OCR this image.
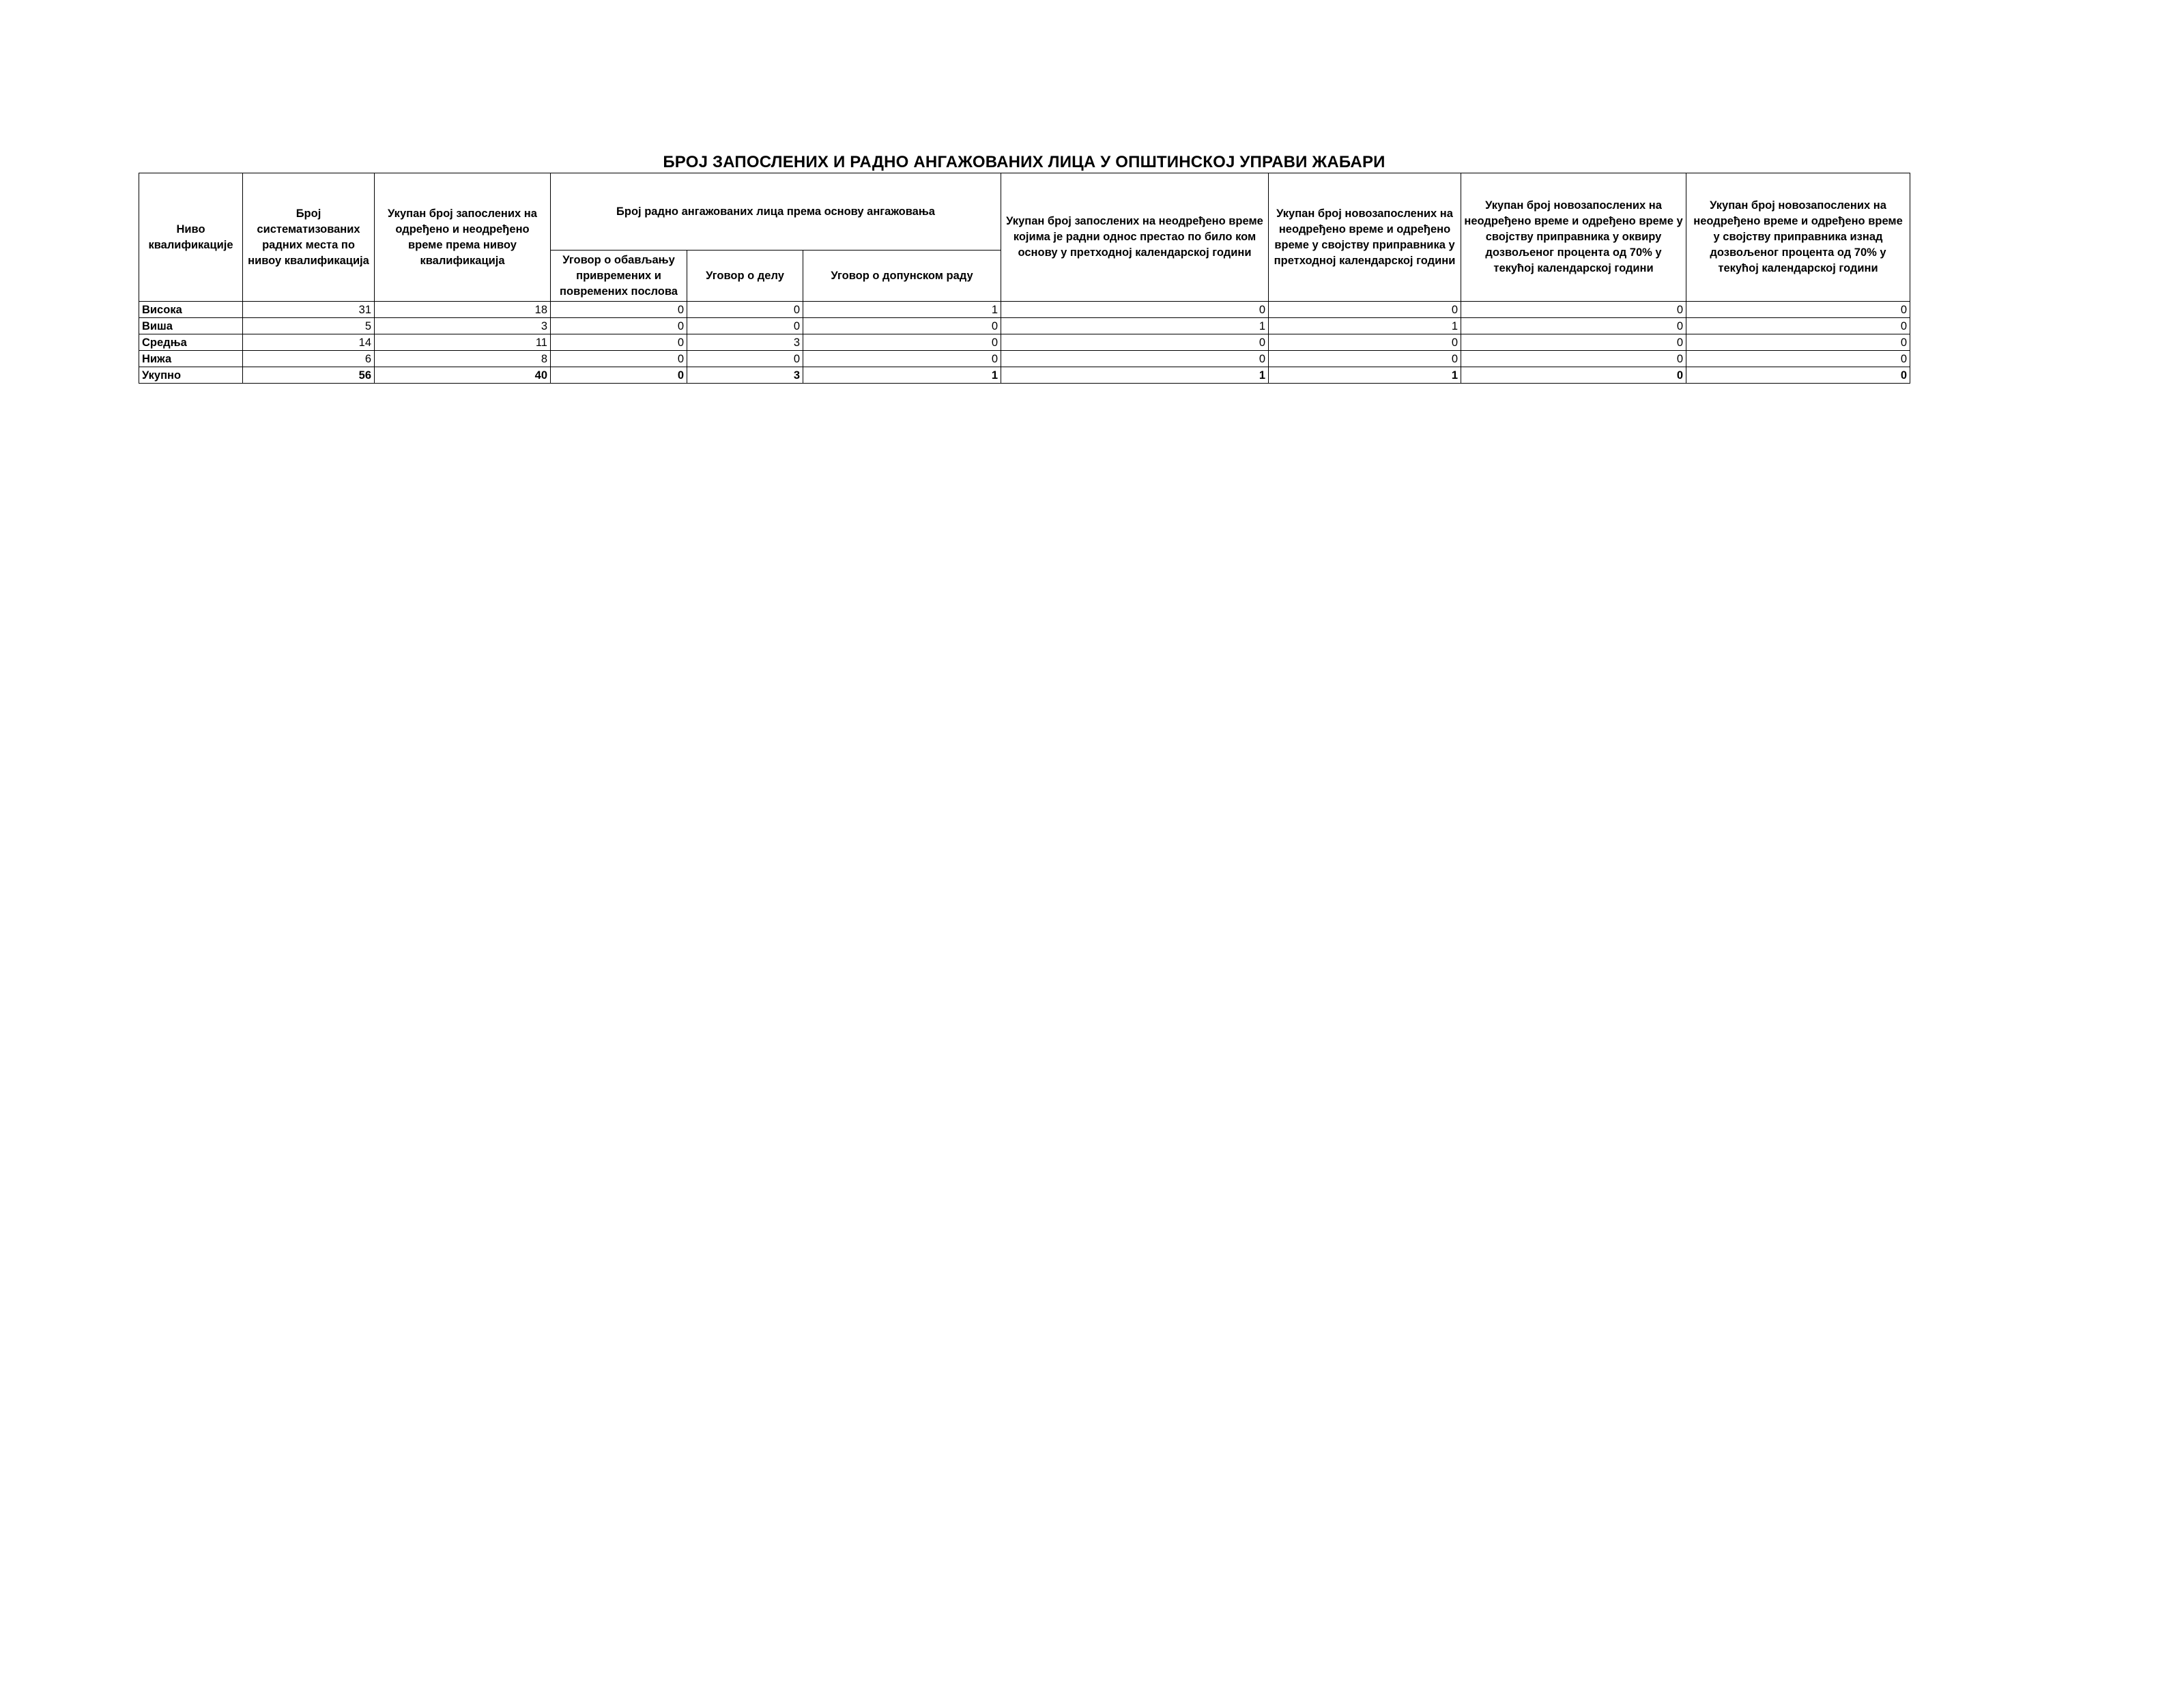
БРОЈ ЗАПОСЛЕНИХ И РАДНО АНГАЖОВАНИХ ЛИЦА У ОПШТИНСКОЈ УПРАВИ ЖАБАРИ
Ниво квалификације	Број систематизованих радних места по нивоу квалификација	Укупан број запослених на одређено и неодређено време према нивоу квалификација	Број радно ангажованих лица према основу ангажовања			Укупан број запослених на неодређено време којима је радни однос престао по било ком основу у претходној календарској години	Укупан број новозапослених на неодређено време и одређено време у својству приправника у претходној календарској години	Укупан број новозапослених на неодређено време и одређено време у својству приправника у оквиру дозвољеног процента од 70% у текућој календарској години	Укупан број новозапослених на неодређено време и одређено време у својству приправника изнад дозвољеног процента од 70% у текућој календарској години
			Уговор о обављању привремених и повремених послова	Уговор о делу	Уговор о допунском раду				
Висока	31	18	0	0	1	0	0	0	0
Виша	5	3	0	0	0	1	1	0	0
Средња	14	11	0	3	0	0	0	0	0
Нижа	6	8	0	0	0	0	0	0	0
Укупно	56	40	0	3	1	1	1	0	0
